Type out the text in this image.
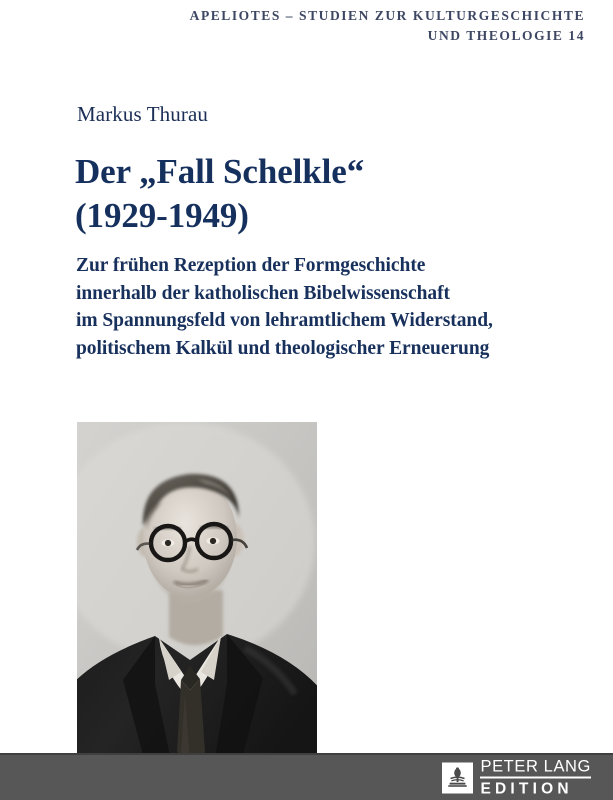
APELIOTES – STUDIEN ZUR KULTURGESCHICHTE
UND THEOLOGIE 14
Markus Thurau
Der „Fall Schelkle“
(1929-1949)
Zur frühen Rezeption der Formgeschichte
innerhalb der katholischen Bibelwissenschaft
im Spannungsfeld von lehramtlichem Widerstand,
politischem Kalkül und theologischer Erneuerung
PETER LANG
EDITION
